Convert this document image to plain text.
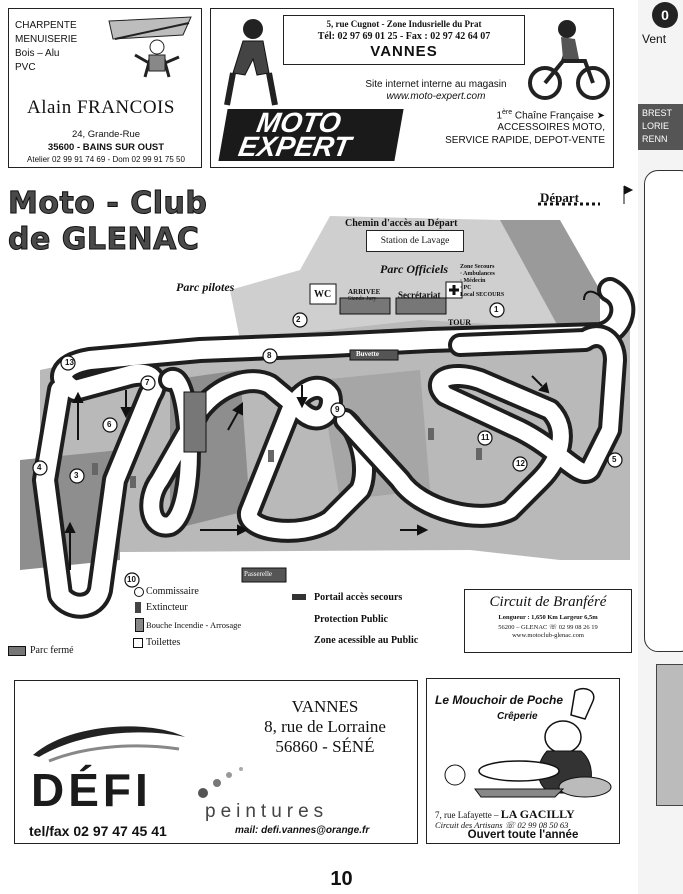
CHARPENTE
MENUISERIE
Bois – Alu
PVC
Alain FRANCOIS
24, Grande-Rue
35600 - BAINS SUR OUST
Atelier 02 99 91 74 69 - Dom 02 99 91 75 50
5, rue Cugnot - Zone Indusrielle du Prat
Tél: 02 97 69 01 25 - Fax : 02 97 42 64 07
VANNES
Site internet interne au magasin
www.moto-expert.com
MOTO
EXPERT
1ère Chaîne Française ➤
ACCESSOIRES MOTO,
SERVICE RAPIDE, DEPOT-VENTE
Moto - Club
de GLENAC
Départ
Chemin d'accès au Départ
Station de Lavage
Parc Officiels
Parc pilotes
WC ARRIVEE
Stands-Jury Secrétariat
Zone Secours
· Ambulances
· Médecin
· PC
Local SECOURS
TOUR
Buvette
Passerelle
2
1
13
4
3
6
7
8
9
10
11
12	5
Commissaire
Extincteur
Bouche Incendie - Arrosage
Toilettes
Parc fermé
Portail accès secours
Protection Public
Zone acessible au Public
Circuit de Branféré
Longueur : 1,650 Km Largeur 6,5m
56200 – GLENAC ☏ 02 99 08 26 19
www.motoclub-glenac.com
DÉFI	peintures
VANNES
8, rue de Lorraine
56860 - SÉNÉ
tel/fax 02 97 47 45 41	mail: defi.vannes@orange.fr
Le Mouchoir de Poche
Crêperie
7, rue Lafayette – LA GACILLY
Circuit des Artisans ☏ 02 99 08 50 63
Ouvert toute l'année
10
0
Vent
BREST
LORIE
RENN
